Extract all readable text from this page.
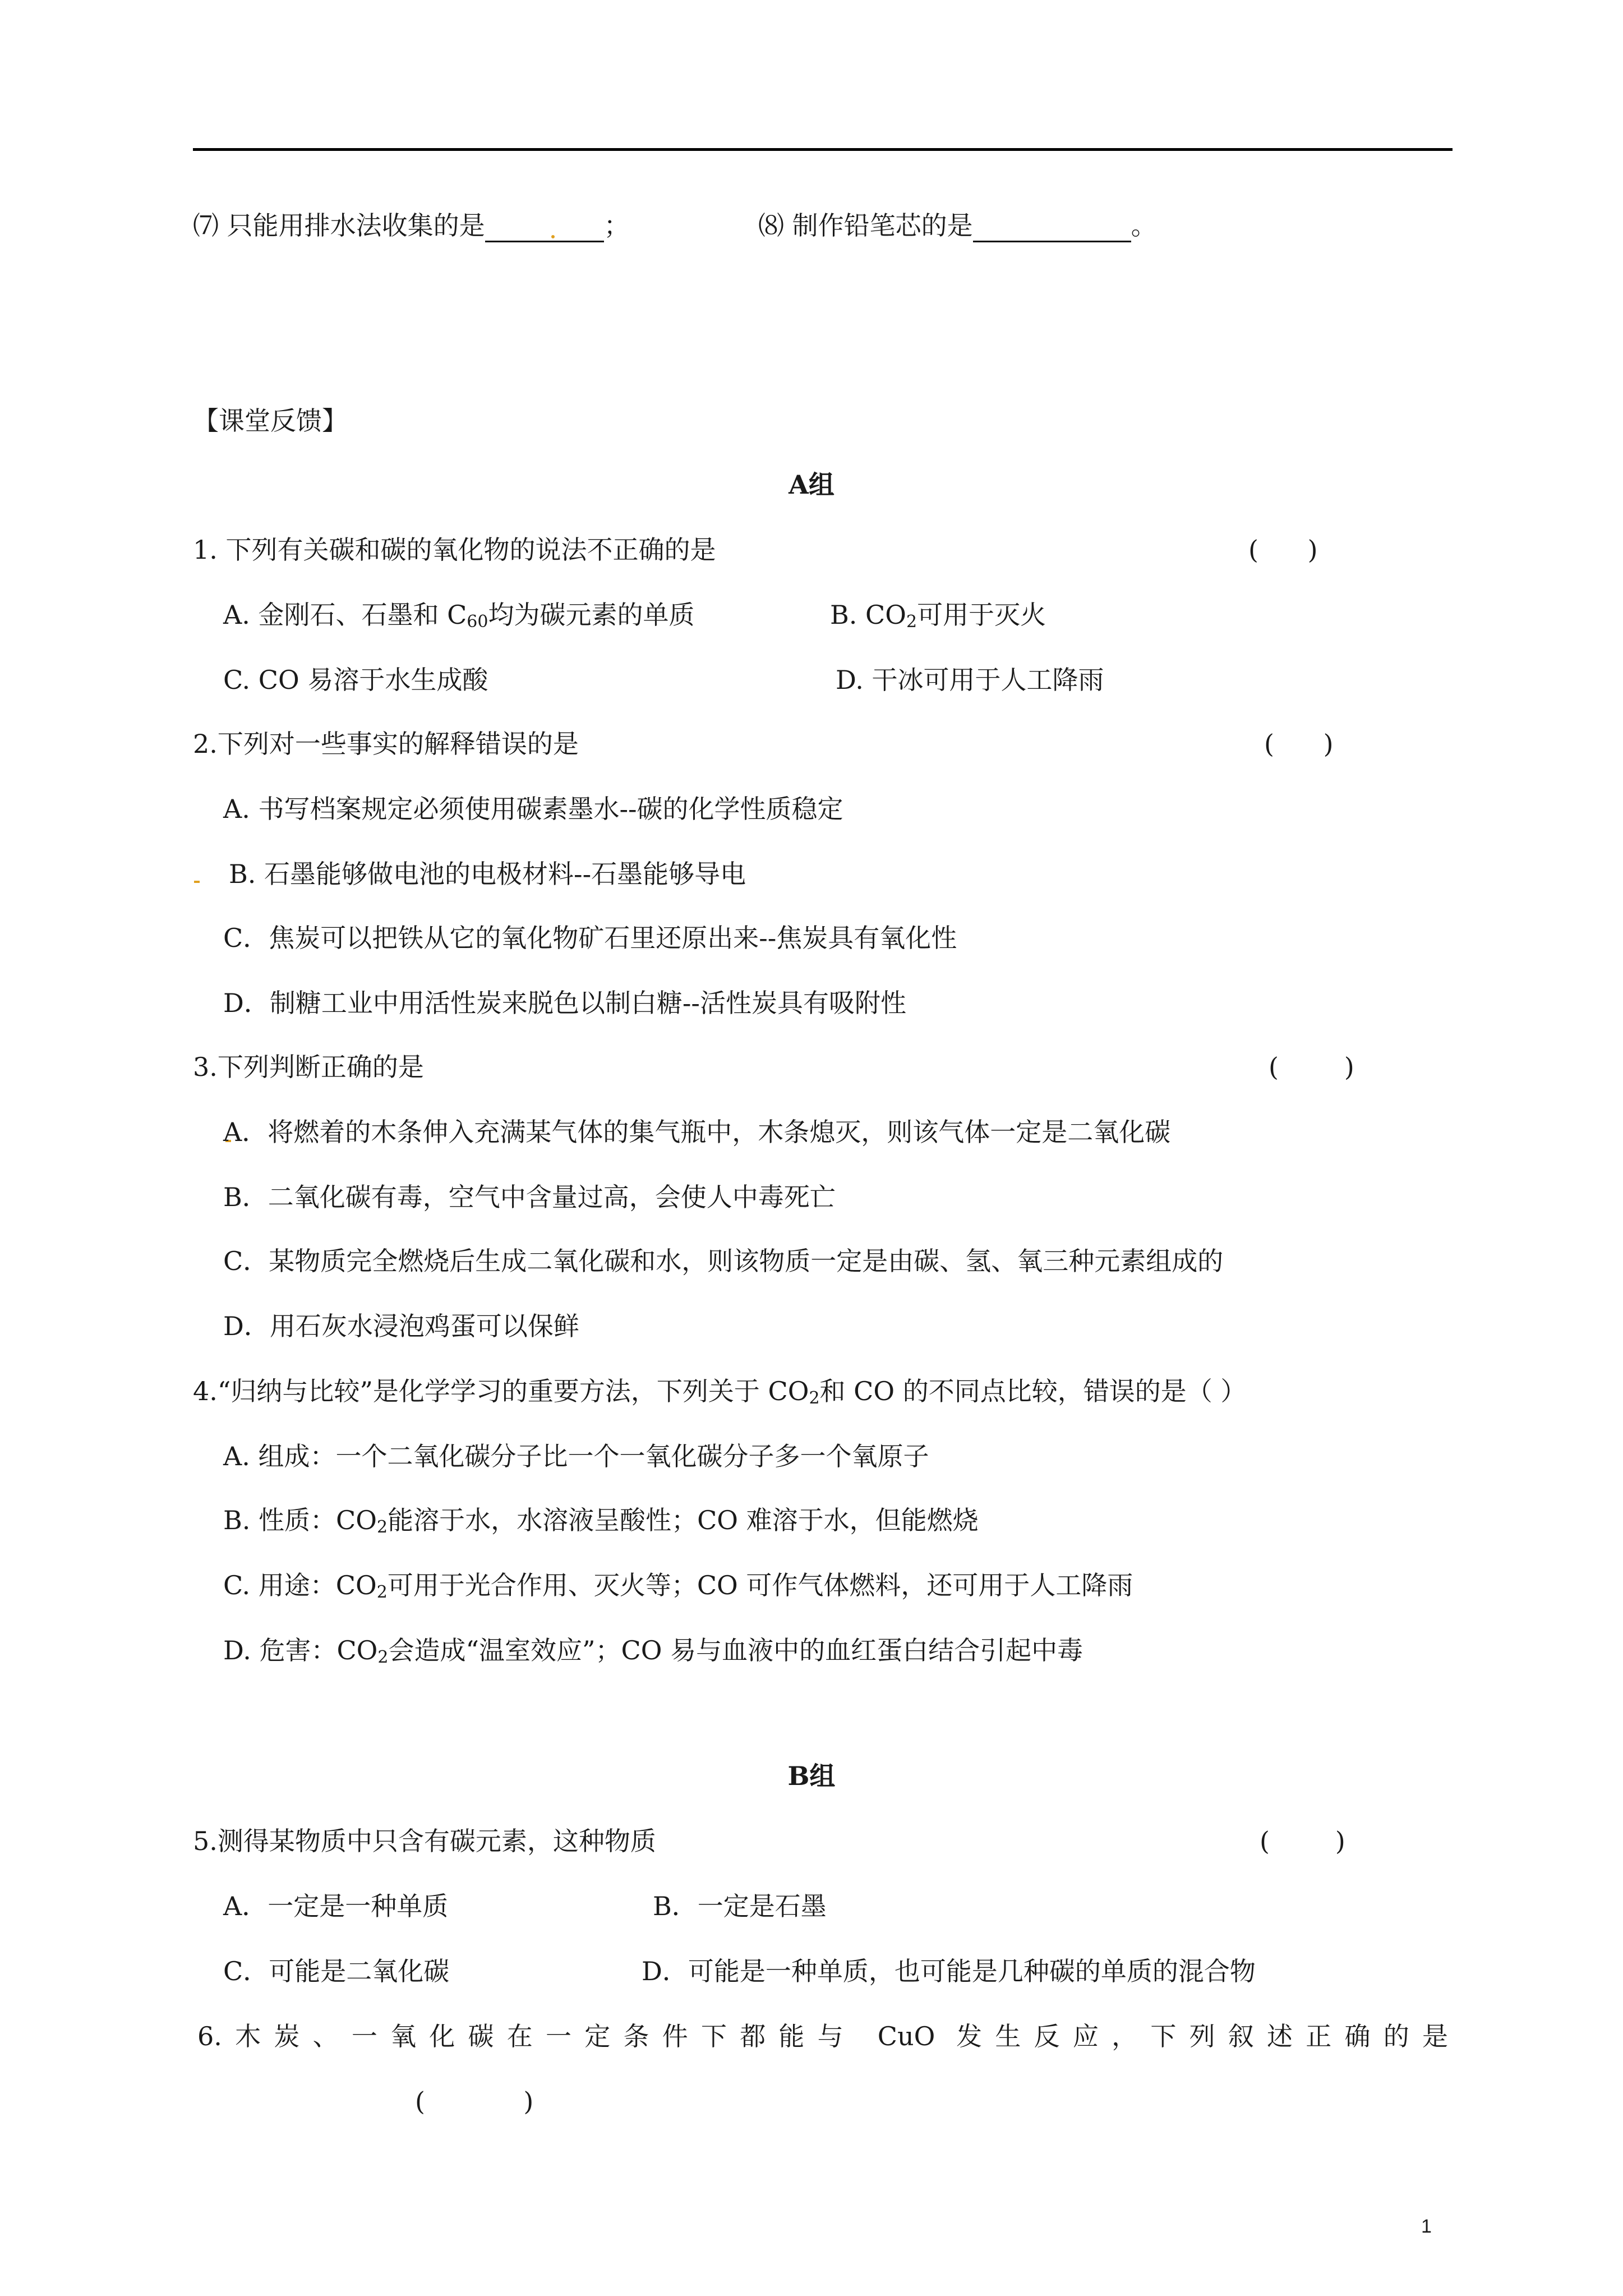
⑺ 只能用排水法收集的是	；	⑻ 制作铅笔芯的是	。
【课堂反馈】
A组
1. 下列有关碳和碳的氧化物的说法不正确的是	(      )
A. 金刚石、石墨和 $C_{60}$均为碳元素的单质	B. $CO_2$可用于灭火
C. CO 易溶于水生成酸	D. 干冰可用于人工降雨
2.下列对一些事实的解释错误的是	(      )
A. 书写档案规定必须使用碳素墨水--碳的化学性质稳定
B. 石墨能够做电池的电极材料--石墨能够导电
C．焦炭可以把铁从它的氧化物矿石里还原出来--焦炭具有氧化性
D．制糖工业中用活性炭来脱色以制白糖--活性炭具有吸附性
3.下列判断正确的是	(        )
A．将燃着的木条伸入充满某气体的集气瓶中，木条熄灭，则该气体一定是二氧化碳
B．二氧化碳有毒，空气中含量过高，会使人中毒死亡
C．某物质完全燃烧后生成二氧化碳和水，则该物质一定是由碳、氢、氧三种元素组成的
D．用石灰水浸泡鸡蛋可以保鲜
4.“归纳与比较”是化学学习的重要方法，下列关于 $CO_2$和 CO 的不同点比较，错误的是（ ）
A. 组成：一个二氧化碳分子比一个一氧化碳分子多一个氧原子
B. 性质：$CO_2$能溶于水，水溶液呈酸性；CO 难溶于水，但能燃烧
C. 用途：$CO_2$可用于光合作用、灭火等；CO 可作气体燃料，还可用于人工降雨
D. 危害：$CO_2$会造成“温室效应”；CO 易与血液中的血红蛋白结合引起中毒
B组
5.测得某物质中只含有碳元素，这种物质	(        )
A．一定是一种单质	B．一定是石墨
C．可能是二氧化碳	D．可能是一种单质，也可能是几种碳的单质的混合物
6.木炭、一氧化碳在一定条件下都能与 CuO 发生反应，下列叙述正确的是
(            )
1
